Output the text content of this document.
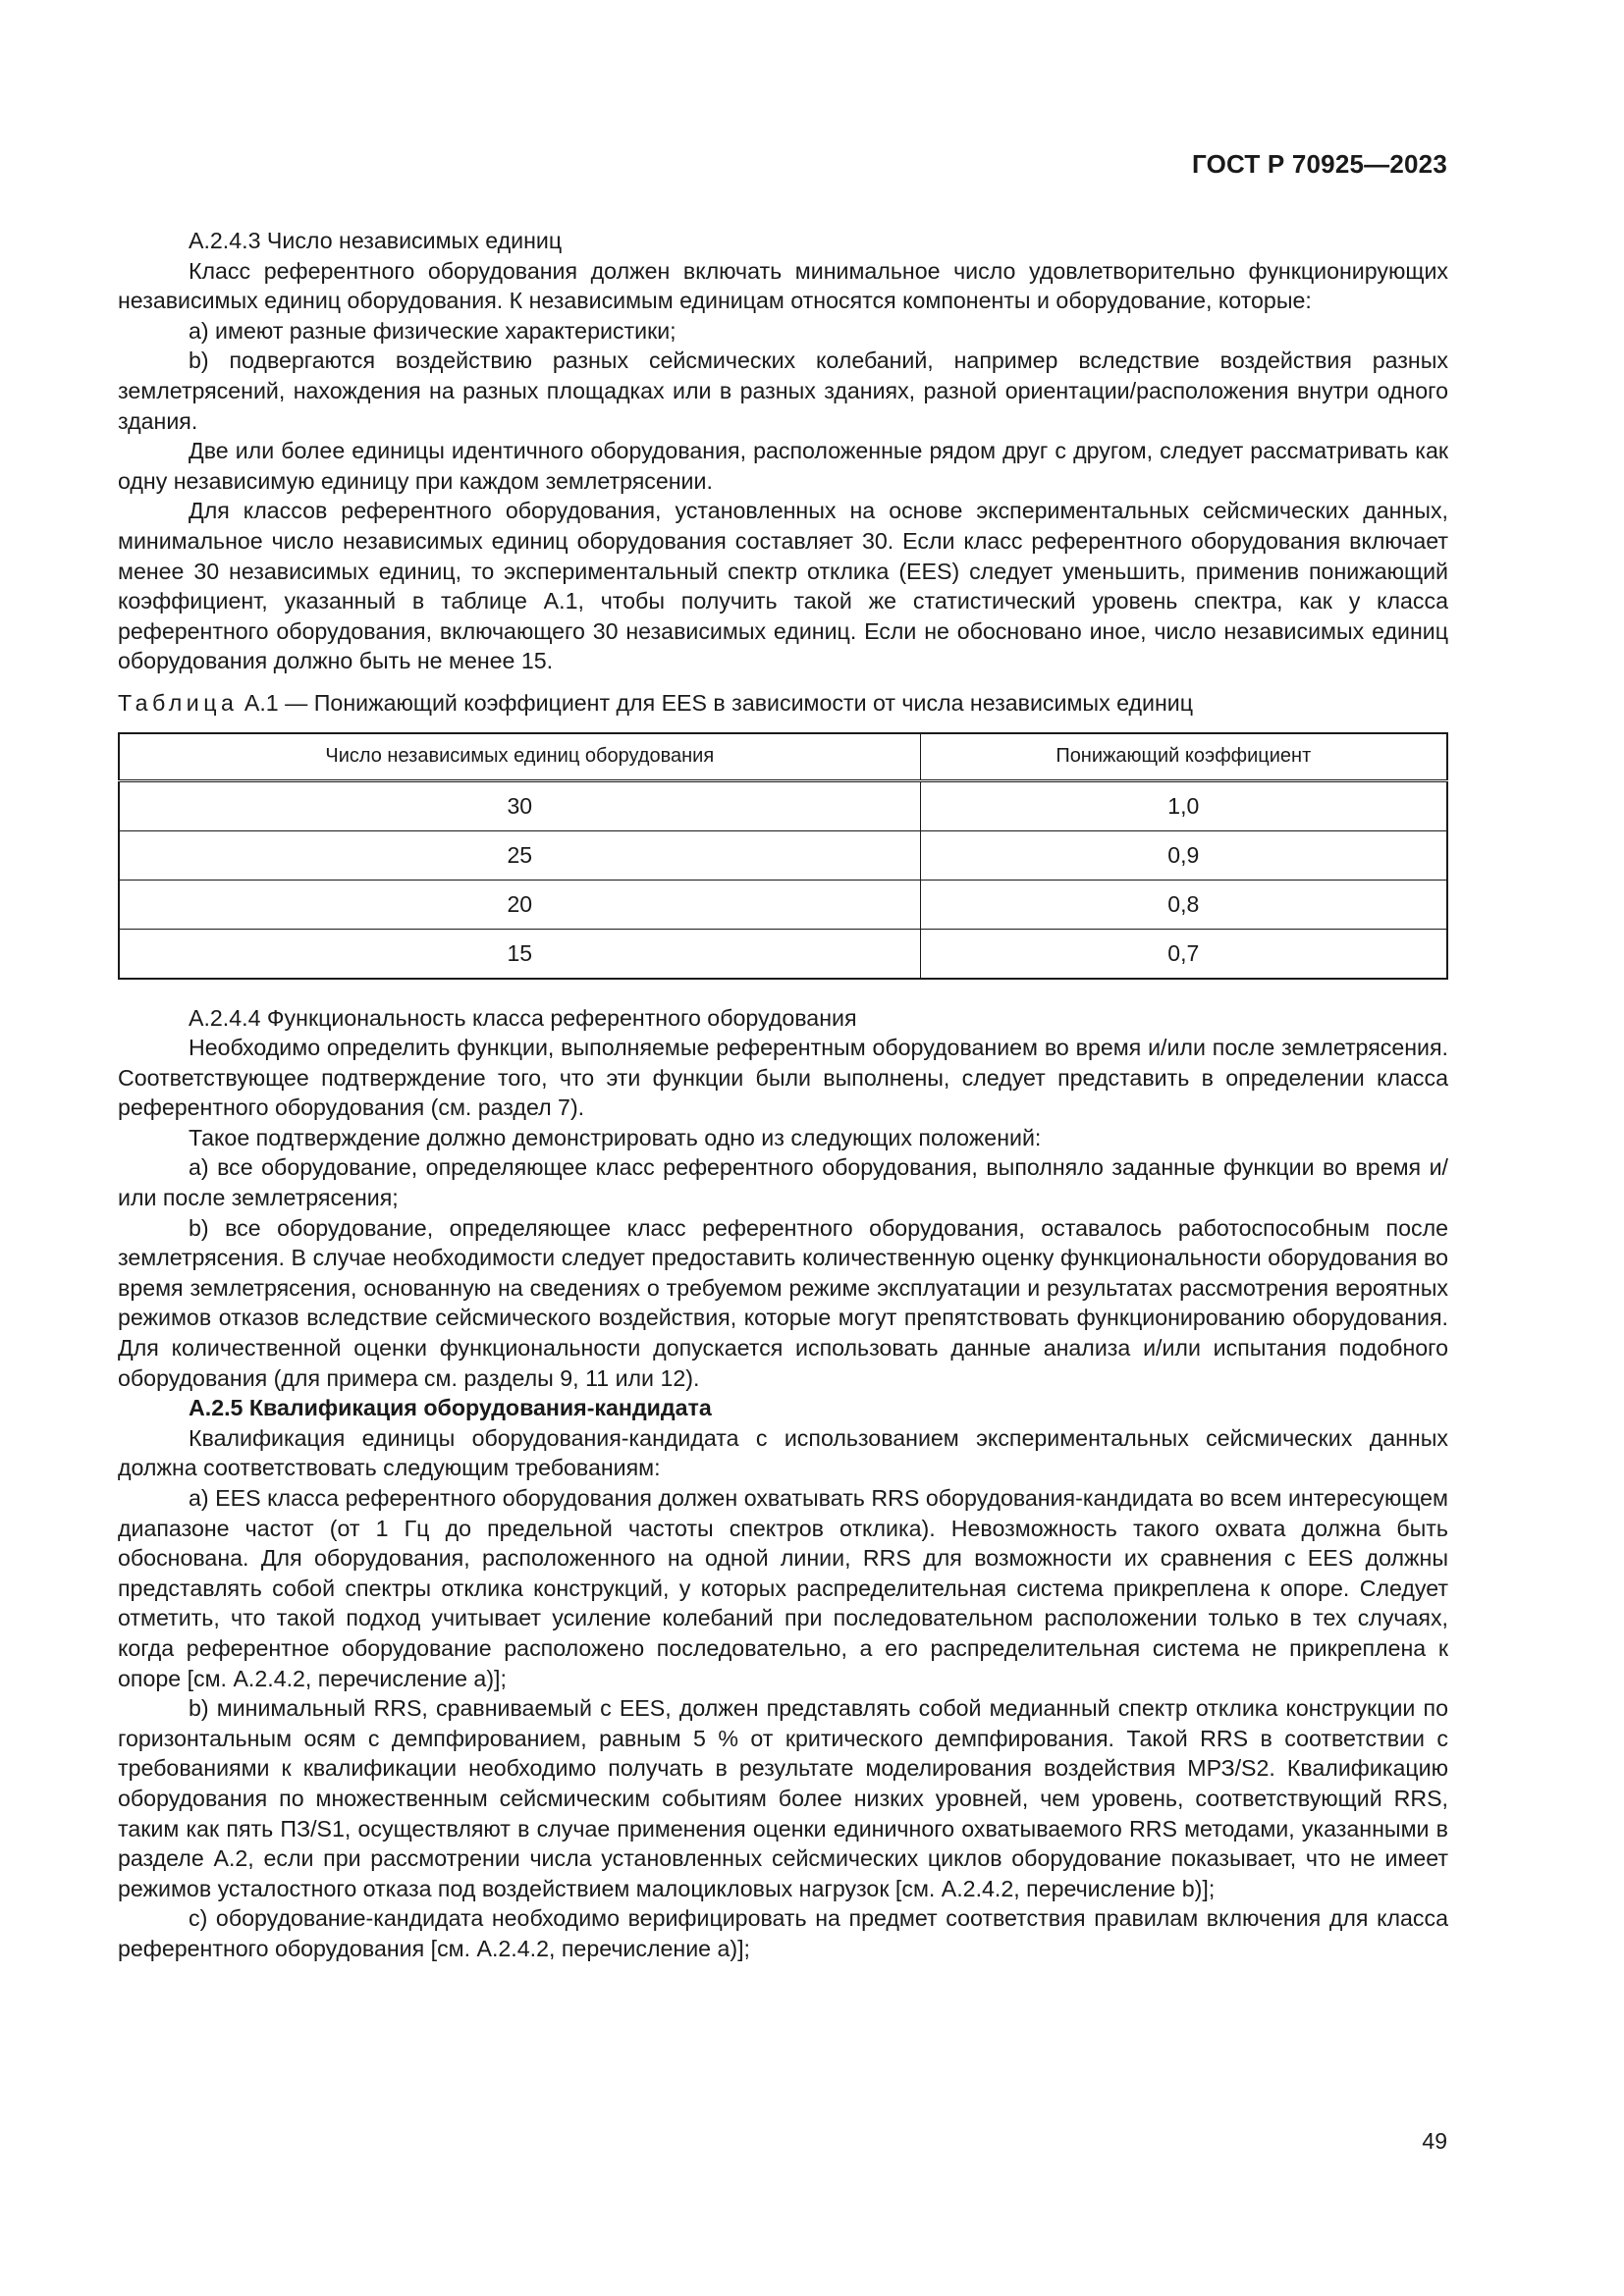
ГОСТ Р 70925—2023

А.2.4.3 Число независимых единиц

Класс референтного оборудования должен включать минимальное число удовлетворительно функционирующих независимых единиц оборудования. К независимым единицам относятся компоненты и оборудование, которые:

a) имеют разные физические характеристики;

b) подвергаются воздействию разных сейсмических колебаний, например вследствие воздействия разных землетрясений, нахождения на разных площадках или в разных зданиях, разной ориентации/расположения внутри одного здания.

Две или более единицы идентичного оборудования, расположенные рядом друг с другом, следует рассматривать как одну независимую единицу при каждом землетрясении.

Для классов референтного оборудования, установленных на основе экспериментальных сейсмических данных, минимальное число независимых единиц оборудования составляет 30. Если класс референтного оборудования включает менее 30 независимых единиц, то экспериментальный спектр отклика (EES) следует уменьшить, применив понижающий коэффициент, указанный в таблице А.1, чтобы получить такой же статистический уровень спектра, как у класса референтного оборудования, включающего 30 независимых единиц. Если не обосновано иное, число независимых единиц оборудования должно быть не менее 15.

Таблица А.1 — Понижающий коэффициент для EES в зависимости от числа независимых единиц

Число независимых единиц оборудования	Понижающий коэффициент
30	1,0
25	0,9
20	0,8
15	0,7

А.2.4.4 Функциональность класса референтного оборудования

Необходимо определить функции, выполняемые референтным оборудованием во время и/или после землетрясения. Соответствующее подтверждение того, что эти функции были выполнены, следует представить в определении класса референтного оборудования (см. раздел 7).

Такое подтверждение должно демонстрировать одно из следующих положений:

a) все оборудование, определяющее класс референтного оборудования, выполняло заданные функции во время и/или после землетрясения;

b) все оборудование, определяющее класс референтного оборудования, оставалось работоспособным после землетрясения. В случае необходимости следует предоставить количественную оценку функциональности оборудования во время землетрясения, основанную на сведениях о требуемом режиме эксплуатации и результатах рассмотрения вероятных режимов отказов вследствие сейсмического воздействия, которые могут препятствовать функционированию оборудования. Для количественной оценки функциональности допускается использовать данные анализа и/или испытания подобного оборудования (для примера см. разделы 9, 11 или 12).

А.2.5 Квалификация оборудования-кандидата

Квалификация единицы оборудования-кандидата с использованием экспериментальных сейсмических данных должна соответствовать следующим требованиям:

a) EES класса референтного оборудования должен охватывать RRS оборудования-кандидата во всем интересующем диапазоне частот (от 1 Гц до предельной частоты спектров отклика). Невозможность такого охвата должна быть обоснована. Для оборудования, расположенного на одной линии, RRS для возможности их сравнения с EES должны представлять собой спектры отклика конструкций, у которых распределительная система прикреплена к опоре. Следует отметить, что такой подход учитывает усиление колебаний при последовательном расположении только в тех случаях, когда референтное оборудование расположено последовательно, а его распределительная система не прикреплена к опоре [см. А.2.4.2, перечисление а)];

b) минимальный RRS, сравниваемый с EES, должен представлять собой медианный спектр отклика конструкции по горизонтальным осям с демпфированием, равным 5 % от критического демпфирования. Такой RRS в соответствии с требованиями к квалификации необходимо получать в результате моделирования воздействия МРЗ/S2. Квалификацию оборудования по множественным сейсмическим событиям более низких уровней, чем уровень, соответствующий RRS, таким как пять ПЗ/S1, осуществляют в случае применения оценки единичного охватываемого RRS методами, указанными в разделе А.2, если при рассмотрении числа установленных сейсмических циклов оборудование показывает, что не имеет режимов усталостного отказа под воздействием малоцикловых нагрузок [см. А.2.4.2, перечисление b)];

c) оборудование-кандидата необходимо верифицировать на предмет соответствия правилам включения для класса референтного оборудования [см. А.2.4.2, перечисление а)];

49
